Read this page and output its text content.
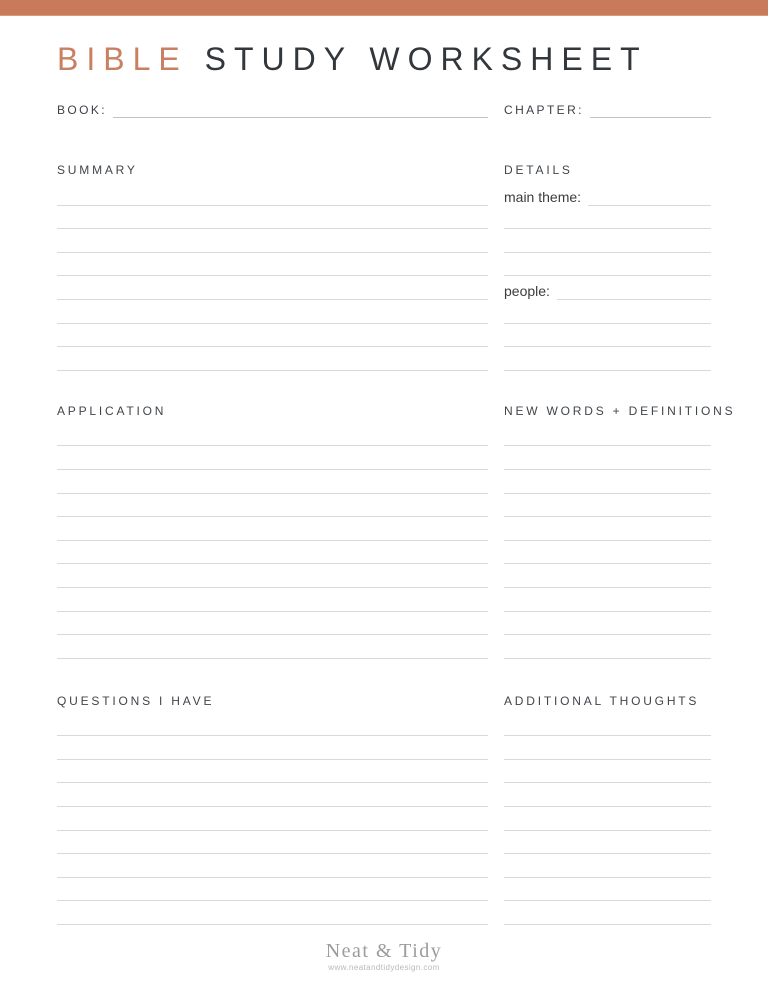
BIBLE STUDY WORKSHEET
BOOK:	CHAPTER:
SUMMARY
APPLICATION
QUESTIONS I HAVE
DETAILS
main theme:
people:
NEW WORDS + DEFINITIONS
ADDITIONAL THOUGHTS
Neat & Tidy
www.neatandtidydesign.com
